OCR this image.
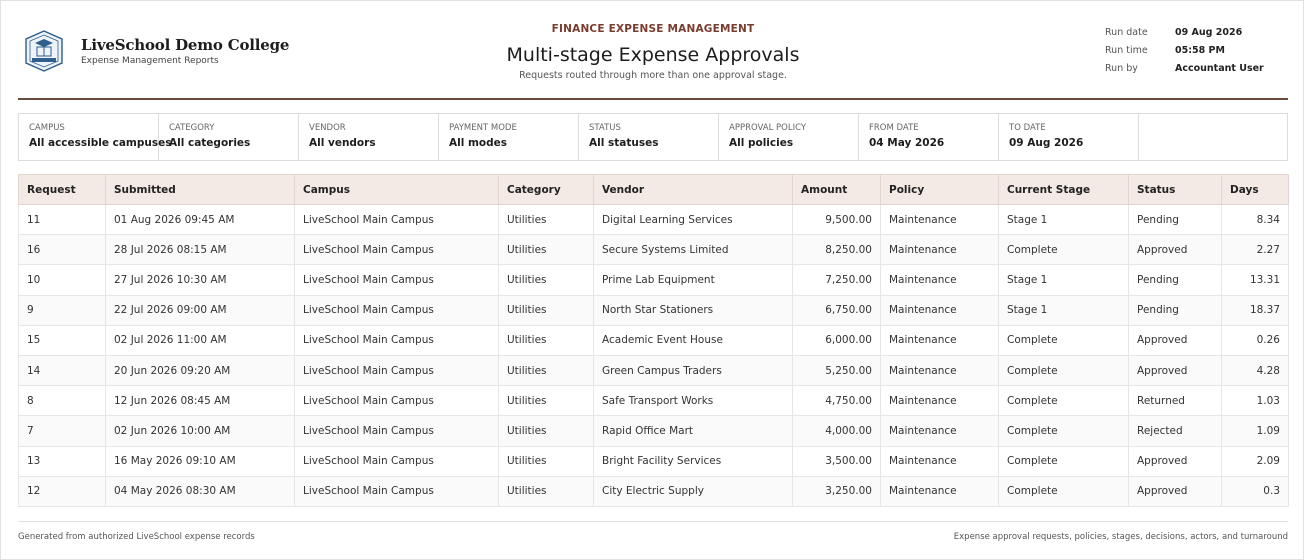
LiveSchool Demo College
Expense Management Reports
FINANCE EXPENSE MANAGEMENT
Multi-stage Expense Approvals
Requests routed through more than one approval stage.
Run date	09 Aug 2026
Run time	05:58 PM
Run by	Accountant User
CAMPUS
All accessible campuses
CATEGORY
All categories
VENDOR
All vendors
PAYMENT MODE
All modes
STATUS
All statuses
APPROVAL POLICY
All policies
FROM DATE
04 May 2026
TO DATE
09 Aug 2026
Request	Submitted	Campus	Category	Vendor	Amount	Policy	Current Stage	Status	Days
11	01 Aug 2026 09:45 AM	LiveSchool Main Campus	Utilities	Digital Learning Services	9,500.00	Maintenance	Stage 1	Pending	8.34
16	28 Jul 2026 08:15 AM	LiveSchool Main Campus	Utilities	Secure Systems Limited	8,250.00	Maintenance	Complete	Approved	2.27
10	27 Jul 2026 10:30 AM	LiveSchool Main Campus	Utilities	Prime Lab Equipment	7,250.00	Maintenance	Stage 1	Pending	13.31
9	22 Jul 2026 09:00 AM	LiveSchool Main Campus	Utilities	North Star Stationers	6,750.00	Maintenance	Stage 1	Pending	18.37
15	02 Jul 2026 11:00 AM	LiveSchool Main Campus	Utilities	Academic Event House	6,000.00	Maintenance	Complete	Approved	0.26
14	20 Jun 2026 09:20 AM	LiveSchool Main Campus	Utilities	Green Campus Traders	5,250.00	Maintenance	Complete	Approved	4.28
8	12 Jun 2026 08:45 AM	LiveSchool Main Campus	Utilities	Safe Transport Works	4,750.00	Maintenance	Complete	Returned	1.03
7	02 Jun 2026 10:00 AM	LiveSchool Main Campus	Utilities	Rapid Office Mart	4,000.00	Maintenance	Complete	Rejected	1.09
13	16 May 2026 09:10 AM	LiveSchool Main Campus	Utilities	Bright Facility Services	3,500.00	Maintenance	Complete	Approved	2.09
12	04 May 2026 08:30 AM	LiveSchool Main Campus	Utilities	City Electric Supply	3,250.00	Maintenance	Complete	Approved	0.3
Generated from authorized LiveSchool expense records	Expense approval requests, policies, stages, decisions, actors, and turnaround
